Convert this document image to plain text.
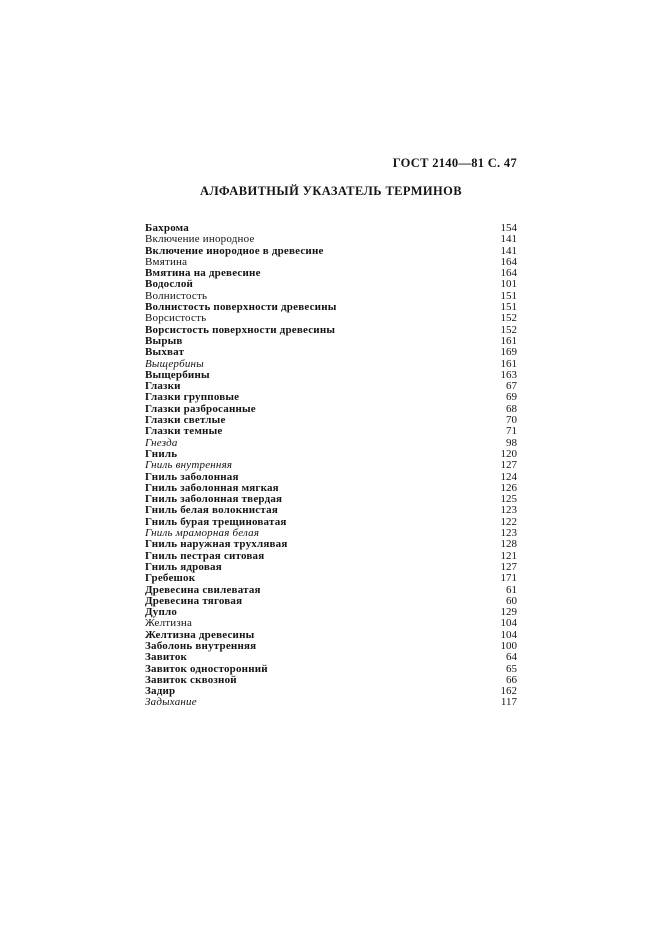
ГОСТ 2140—81 С. 47
АЛФАВИТНЫЙ УКАЗАТЕЛЬ ТЕРМИНОВ
Бахрома	154
Включение инородное	141
Включение инородное в древесине	141
Вмятина	164
Вмятина на древесине	164
Водослой	101
Волнистость	151
Волнистость поверхности древесины	151
Ворсистость	152
Ворсистость поверхности древесины	152
Вырыв	161
Выхват	169
Выщербины	161
Выщербины	163
Глазки	67
Глазки групповые	69
Глазки разбросанные	68
Глазки светлые	70
Глазки темные	71
Гнезда	98
Гниль	120
Гниль внутренняя	127
Гниль заболонная	124
Гниль заболонная мягкая	126
Гниль заболонная твердая	125
Гниль белая волокнистая	123
Гниль бурая трещиноватая	122
Гниль мраморная белая	123
Гниль наружная трухлявая	128
Гниль пестрая ситовая	121
Гниль ядровая	127
Гребешок	171
Древесина свилеватая	61
Древесина тяговая	60
Дупло	129
Желтизна	104
Желтизна древесины	104
Заболонь внутренняя	100
Завиток	64
Завиток односторонний	65
Завиток сквозной	66
Задир	162
Задыхание	117
